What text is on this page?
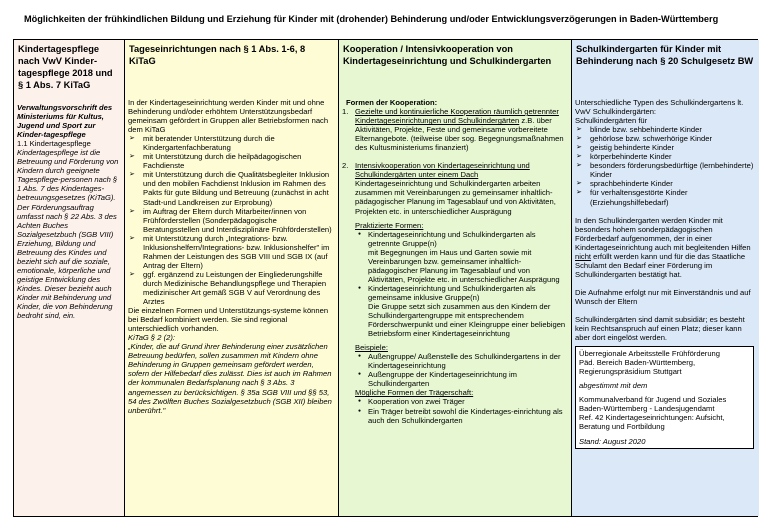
Möglichkeiten der frühkindlichen Bildung und Erziehung für Kinder mit (drohender) Behinderung und/oder Entwicklungsverzögerungen in Baden-Württemberg
Kindertagespflege nach VwV Kinder-tagespflege 2018 und § 1 Abs. 7 KiTaG
Tageseinrichtungen nach § 1 Abs. 1-6, 8 KiTaG
Kooperation / Intensivkooperation von Kindertageseinrichtung und Schulkindergarten
Schulkindergarten für Kinder mit Behinderung nach § 20 Schulgesetz BW

Verwaltungsvorschrift des Ministeriums für Kultus, Jugend und Sport zur Kinder-tagespflege

1.1 Kindertagespflege

Kindertagespflege ist die Betreuung und Förderung von Kindern durch geeignete Tagespflege-personen nach § 1 Abs. 7 des Kindertages-betreuungsgesetzes (KiTaG). Der Förderungsauftrag umfasst nach § 22 Abs. 3 des Achten Buches Sozialgesetzbuch (SGB VIII) Erziehung, Bildung und Betreuung des Kindes und bezieht sich auf die soziale, emotionale, körperliche und geistige Entwicklung des Kindes. Dieser bezieht auch Kinder mit Behinderung und Kinder, die von Behinderung bedroht sind, ein.

In der Kindertageseinrichtung werden Kinder mit und ohne Behinderung und/oder erhöhtem Unterstützungsbedarf gemeinsam gefördert in Gruppen aller Betriebsformen nach dem KiTaG

➢ mit beratender Unterstützung durch die Kindergartenfachberatung
➢ mit Unterstützung durch die heilpädagogischen Fachdienste
➢ mit Unterstützung durch die Qualitätsbegleiter Inklusion und den mobilen Fachdienst Inklusion im Rahmen des Pakts für gute Bildung und Betreuung (zunächst in acht Stadt-und Landkreisen zur Erprobung)
➢ im Auftrag der Eltern durch Mitarbeiter/innen von Frühförderstellen (Sonderpädagogische Beratungsstellen und Interdisziplinäre Frühförderstellen)
➢ mit Unterstützung durch „Integrations- bzw. Inklusionshelfern/Integrations- bzw. Inklusionshelfer" im Rahmen der Leistungen des SGB VIII und SGB IX (auf Antrag der Eltern)
➢ ggf. ergänzend zu Leistungen der Eingliederungshilfe durch Medizinische Behandlungspflege und Therapien medizinischer Art gemäß SGB V auf Verordnung des Arztes

Die einzelnen Formen und Unterstützungs-systeme können bei Bedarf kombiniert werden. Sie sind regional unterschiedlich vorhanden.

KiTaG § 2 (2):

„Kinder, die auf Grund ihrer Behinderung einer zusätzlichen Betreuung bedürfen, sollen zusammen mit Kindern ohne Behinderung in Gruppen gemeinsam gefördert werden, sofern der Hilfebedarf dies zulässt. Dies ist auch im Rahmen der kommunalen Bedarfsplanung nach § 3 Abs. 3 angemessen zu berücksichtigen. § 35a SGB VIII und §§ 53, 54 des Zwölften Buches Sozialgesetzbuch (SGB XII) bleiben unberührt."

Formen der Kooperation:

1. Gezielte und kontinuierliche Kooperation räumlich getrennter Kindertageseinrichtungen und Schulkindergärten z.B. über Aktivitäten, Projekte, Feste und gemeinsame vorbereitete Elternangebote. (teilweise über sog. Begegnungsmaßnahmen des Kultusministeriums finanziert)
2. Intensivkooperation von Kindertageseinrichtung und Schulkindergärten unter einem Dach
Kindertageseinrichtung und Schulkindergarten arbeiten zusammen mit Vereinbarungen zu gemeinsamer inhaltlich-pädagogischer Planung im Tagesablauf und von Aktivitäten, Projekten etc. in unterschiedlicher Ausprägung
Praktizierte Formen:
● Kindertageseinrichtung und Schulkindergarten als getrennte Gruppe(n)
mit Begegnungen im Haus und Garten sowie mit Vereinbarungen bzw. gemeinsamer inhaltlich-pädagogischer Planung im Tagesablauf und von Aktivitäten, Projekte etc. in unterschiedlicher Ausprägung
● Kindertageseinrichtung und Schulkindergarten als gemeinsame inklusive Gruppe(n)
Die Gruppe setzt sich zusammen aus den Kindern der Schulkindergartengruppe mit entsprechendem Förderschwerpunkt und einer Kleingruppe einer beliebigen Betriebsform einer Kindertageseinrichtung
Beispiele:
● Außengruppe/ Außenstelle des Schulkindergartens in der Kindertageseinrichtung
● Außengruppe der Kindertageseinrichtung im Schulkindergarten
Mögliche Formen der Trägerschaft:
● Kooperation von zwei Träger
● Ein Träger betreibt sowohl die Kindertages-einrichtung als auch den Schulkindergarten

Unterschiedliche Typen des Schulkindergartens lt. VwV Schulkindergärten:

Schulkindergärten für

➢ blinde bzw. sehbehinderte Kinder
➢ gehörlose bzw. schwerhörige Kinder
➢ geistig behinderte Kinder
➢ körperbehinderte Kinder
➢ besonders förderungsbedürftige (lernbehinderte) Kinder
➢ sprachbehinderte Kinder
➢ für verhaltensgestörte Kinder (Erziehungshilfebedarf)

In den Schulkindergarten werden Kinder mit besonders hohem sonderpädagogischen Förderbedarf aufgenommen, der in einer Kindertageseinrichtung auch mit begleitenden Hilfen nicht erfüllt werden kann und für die das Staatliche Schulamt den Bedarf einer Förderung im Schulkindergarten bestätigt hat.

Die Aufnahme erfolgt nur mit Einverständnis und auf Wunsch der Eltern

Schulkindergärten sind damit subsidiär; es besteht kein Rechtsanspruch auf einen Platz; dieser kann aber dort eingelöst werden.

Überregionale Arbeitsstelle Frühförderung

Päd. Bereich Baden-Württemberg,

Regierungspräsidium Stuttgart

abgestimmt mit dem

Kommunalverband für Jugend und Soziales Baden-Württemberg - Landesjugendamt

Ref. 42 Kindertageseinrichtungen: Aufsicht, Beratung und Fortbildung

Stand: August 2020
